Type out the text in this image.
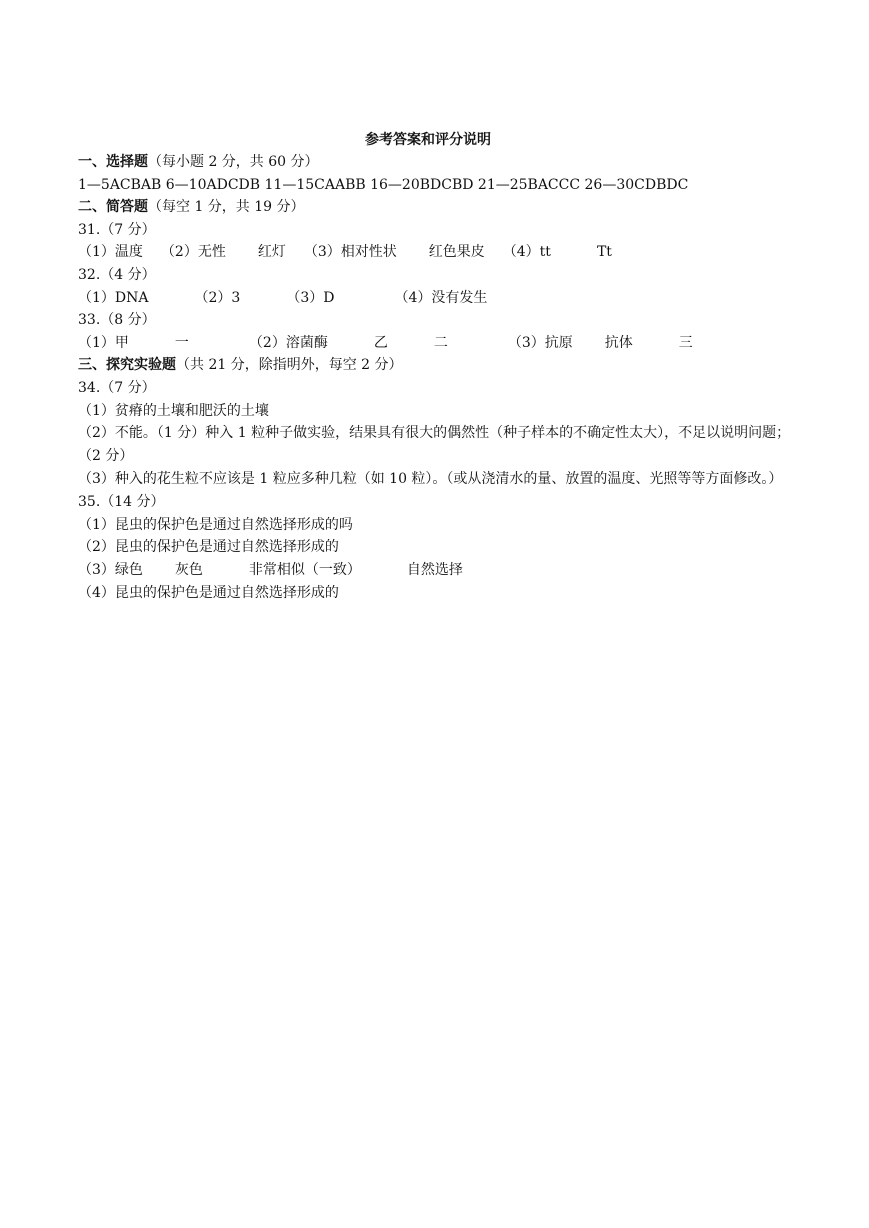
参考答案和评分说明
一、选择题（每小题 2 分，共 60 分）
1—5ACBAB 6—10ADCDB 11—15CAABB 16—20BDCBD 21—25BACCC 26—30CDBDC
二、简答题（每空 1 分，共 19 分）
31.（7 分）
（1）温度 （2）无性 红灯 （3）相对性状 红色果皮 （4）tt	Tt
32.（4 分）
（1）DNA	（2）3	（3）D	（4）没有发生
33.（8 分）
（1）甲	一	（2）溶菌酶	乙	二	（3）抗原 抗体	三
三、探究实验题（共 21 分，除指明外，每空 2 分）
34.（7 分）
（1）贫瘠的土壤和肥沃的土壤
（2）不能。（1 分）种入 1 粒种子做实验，结果具有很大的偶然性（种子样本的不确定性太大），不足以说明问题；（2 分）
（3）种入的花生粒不应该是 1 粒应多种几粒（如 10 粒）。（或从浇清水的量、放置的温度、光照等等方面修改。）
35.（14 分）
（1）昆虫的保护色是通过自然选择形成的吗
（2）昆虫的保护色是通过自然选择形成的
（3）绿色 灰色	非常相似（一致）	自然选择
（4）昆虫的保护色是通过自然选择形成的
